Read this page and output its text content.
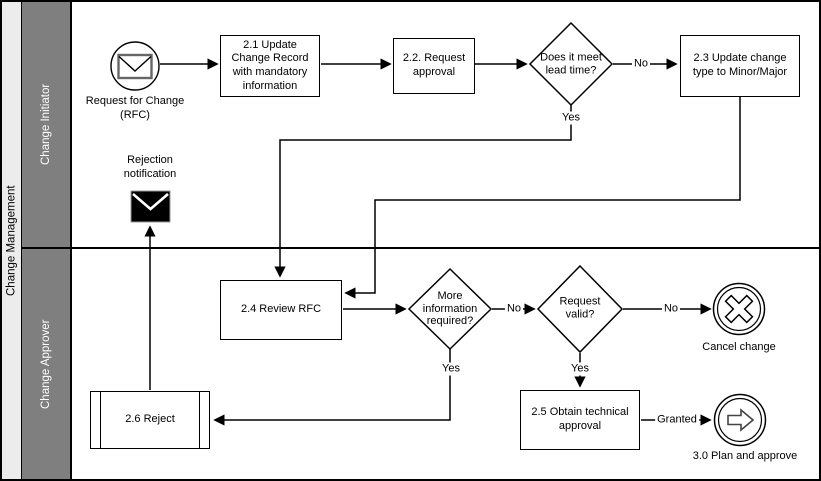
Change Management
Change Initiator
Change Approver
2.1 Update Change Record with mandatory information
2.2. Request approval
2.3 Update change type to Minor/Major
2.4 Review RFC
2.5 Obtain technical approval
2.6 Reject
Does it meet lead time?
More information required?
Request valid?
Request for Change (RFC)
Rejection notification
Cancel change
3.0 Plan and approve
No
Yes
No
Yes
No
Yes
Granted
